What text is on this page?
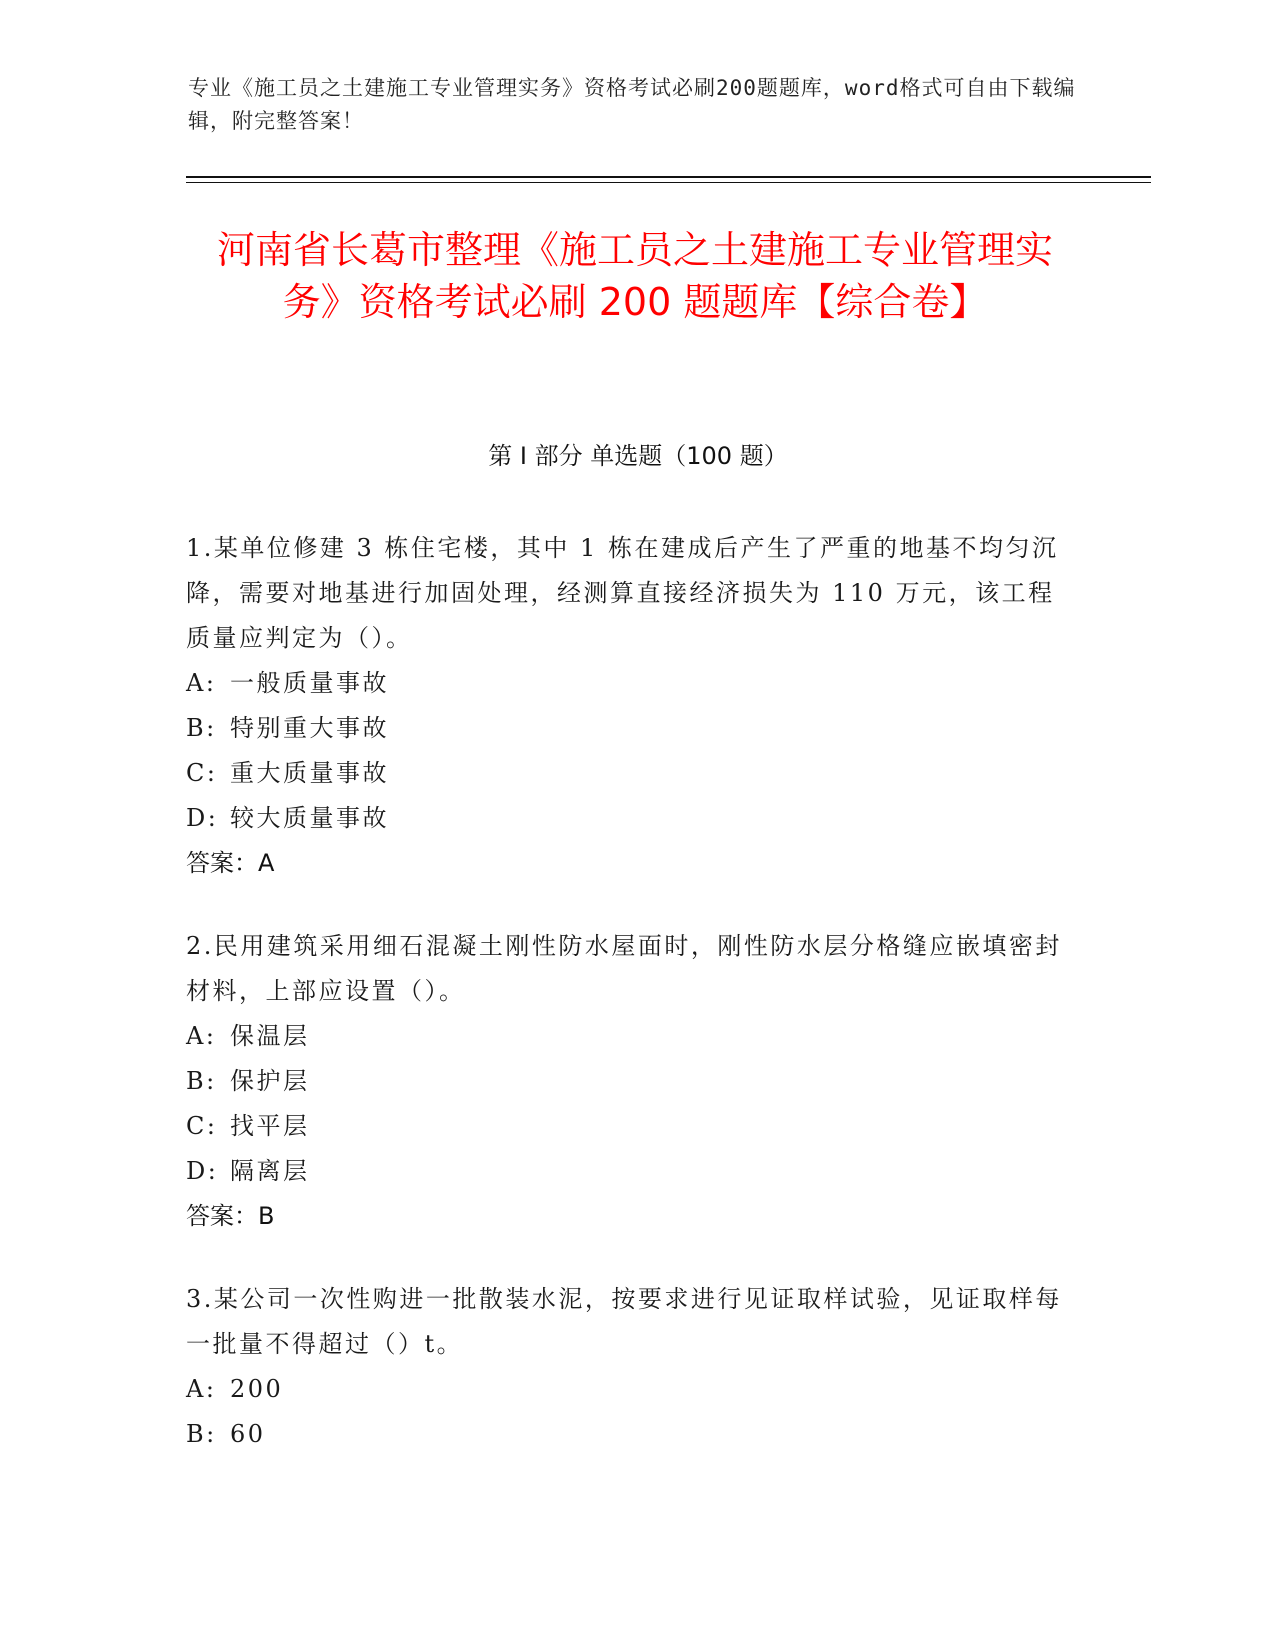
专业《施工员之土建施工专业管理实务》资格考试必刷200题题库，word格式可自由下载编辑，附完整答案！
河南省长葛市整理《施工员之土建施工专业管理实务》资格考试必刷 200 题题库【综合卷】
第 I 部分 单选题（100 题）
1.某单位修建 3 栋住宅楼，其中 1 栋在建成后产生了严重的地基不均匀沉降，需要对地基进行加固处理，经测算直接经济损失为 110 万元，该工程质量应判定为（）。
A: 一般质量事故
B: 特别重大事故
C: 重大质量事故
D: 较大质量事故
答案：A
2.民用建筑采用细石混凝土刚性防水屋面时，刚性防水层分格缝应嵌填密封材料，上部应设置（）。
A: 保温层
B: 保护层
C: 找平层
D: 隔离层
答案：B
3.某公司一次性购进一批散装水泥，按要求进行见证取样试验，见证取样每一批量不得超过（）t。
A: 200
B: 60
